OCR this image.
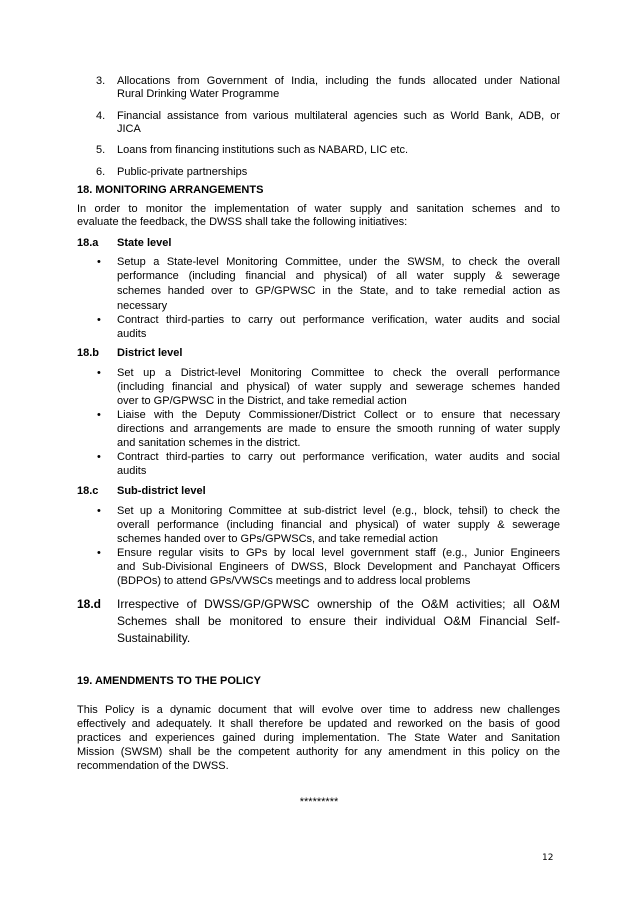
3. Allocations from Government of India, including the funds allocated under National
Rural Drinking Water Programme
4. Financial assistance from various multilateral agencies such as World Bank, ADB, or
JICA
5. Loans from financing institutions such as NABARD, LIC etc.
6. Public-private partnerships
18. MONITORING ARRANGEMENTS
In order to monitor the implementation of water supply and sanitation schemes and to
evaluate the feedback, the DWSS shall take the following initiatives:
18.a State level
• Setup a State-level Monitoring Committee, under the SWSM, to check the overall
performance (including financial and physical) of all water supply & sewerage
schemes handed over to GP/GPWSC in the State, and to take remedial action as
necessary
• Contract third-parties to carry out performance verification, water audits and social
audits
18.b District level
• Set up a District-level Monitoring Committee to check the overall performance
(including financial and physical) of water supply and sewerage schemes handed
over to GP/GPWSC in the District, and take remedial action
• Liaise with the Deputy Commissioner/District Collect or to ensure that necessary
directions and arrangements are made to ensure the smooth running of water supply
and sanitation schemes in the district.
• Contract third-parties to carry out performance verification, water audits and social
audits
18.c Sub-district level
• Set up a Monitoring Committee at sub-district level (e.g., block, tehsil) to check the
overall performance (including financial and physical) of water supply & sewerage
schemes handed over to GPs/GPWSCs, and take remedial action
• Ensure regular visits to GPs by local level government staff (e.g., Junior Engineers
and Sub-Divisional Engineers of DWSS, Block Development and Panchayat Officers
(BDPOs) to attend GPs/VWSCs meetings and to address local problems
18.d Irrespective of DWSS/GP/GPWSC ownership of the O&M activities; all O&M
Schemes shall be monitored to ensure their individual O&M Financial Self-
Sustainability.
19. AMENDMENTS TO THE POLICY
This Policy is a dynamic document that will evolve over time to address new challenges
effectively and adequately. It shall therefore be updated and reworked on the basis of good
practices and experiences gained during implementation. The State Water and Sanitation
Mission (SWSM) shall be the competent authority for any amendment in this policy on the
recommendation of the DWSS.
*********
12
